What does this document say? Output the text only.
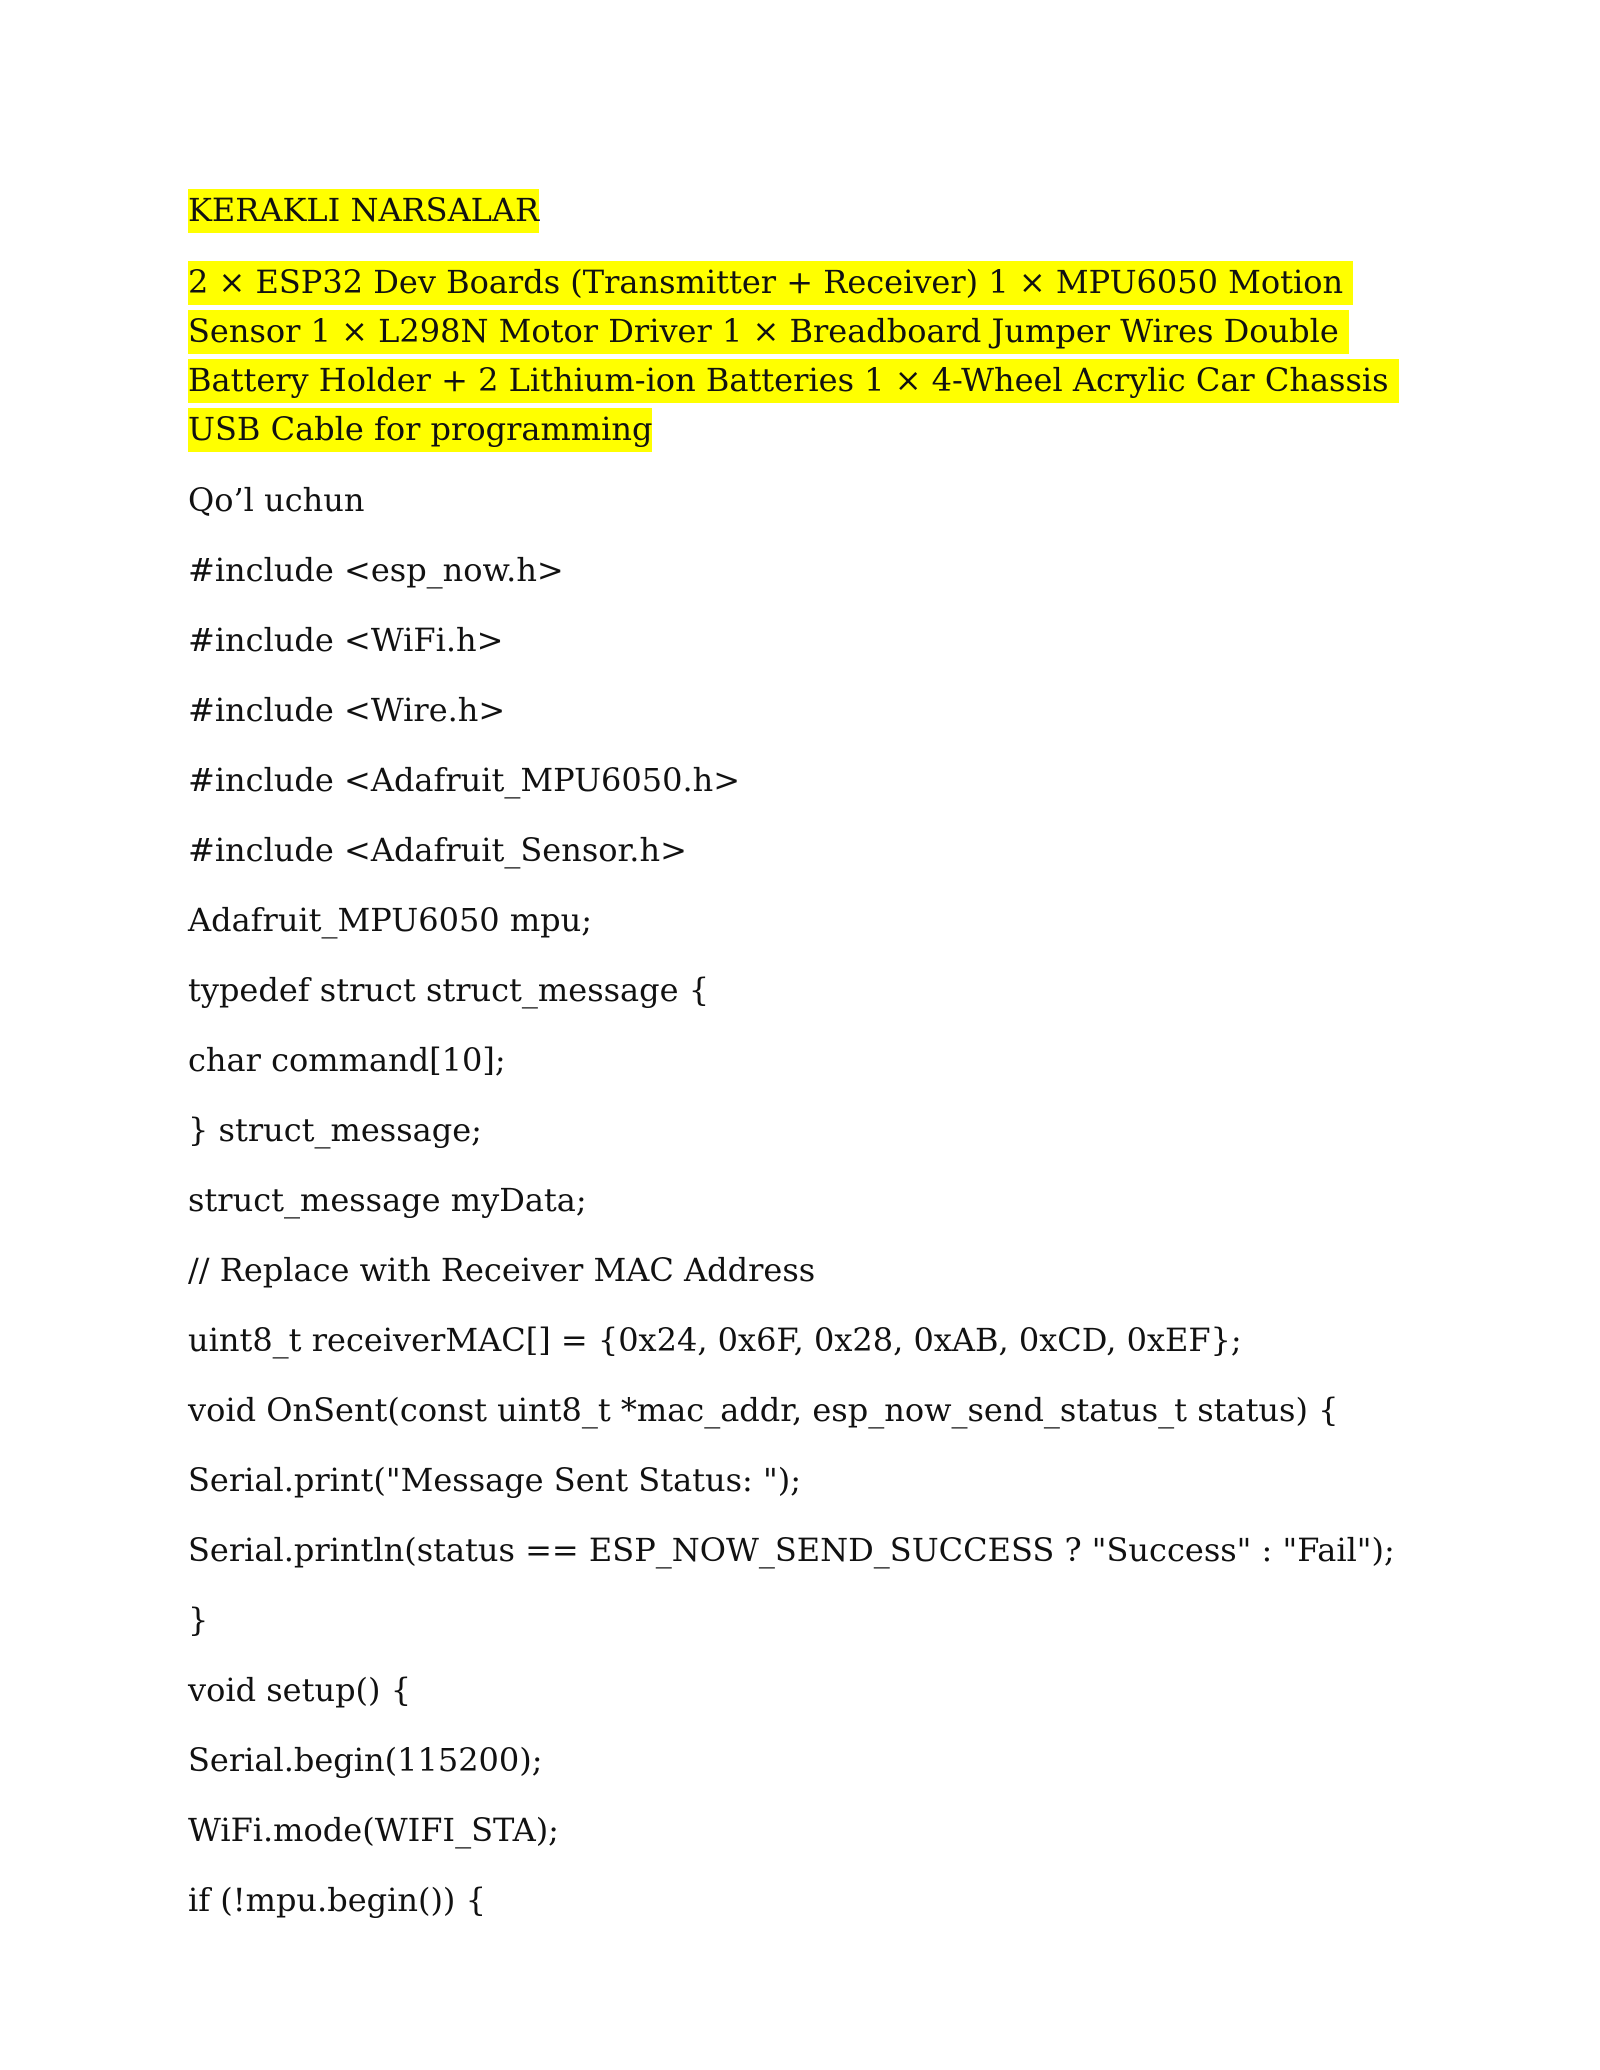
KERAKLI NARSALAR

2 × ESP32 Dev Boards (Transmitter + Receiver) 1 × MPU6050 Motion Sensor 1 × L298N Motor Driver 1 × Breadboard Jumper Wires Double Battery Holder + 2 Lithium-ion Batteries 1 × 4-Wheel Acrylic Car Chassis USB Cable for programming

Qo’l uchun

#include <esp_now.h>

#include <WiFi.h>

#include <Wire.h>

#include <Adafruit_MPU6050.h>

#include <Adafruit_Sensor.h>

Adafruit_MPU6050 mpu;

typedef struct struct_message {

char command[10];

} struct_message;

struct_message myData;

// Replace with Receiver MAC Address

uint8_t receiverMAC[] = {0x24, 0x6F, 0x28, 0xAB, 0xCD, 0xEF};

void OnSent(const uint8_t *mac_addr, esp_now_send_status_t status) {

Serial.print("Message Sent Status: ");

Serial.println(status == ESP_NOW_SEND_SUCCESS ? "Success" : "Fail");

}

void setup() {

Serial.begin(115200);

WiFi.mode(WIFI_STA);

if (!mpu.begin()) {
